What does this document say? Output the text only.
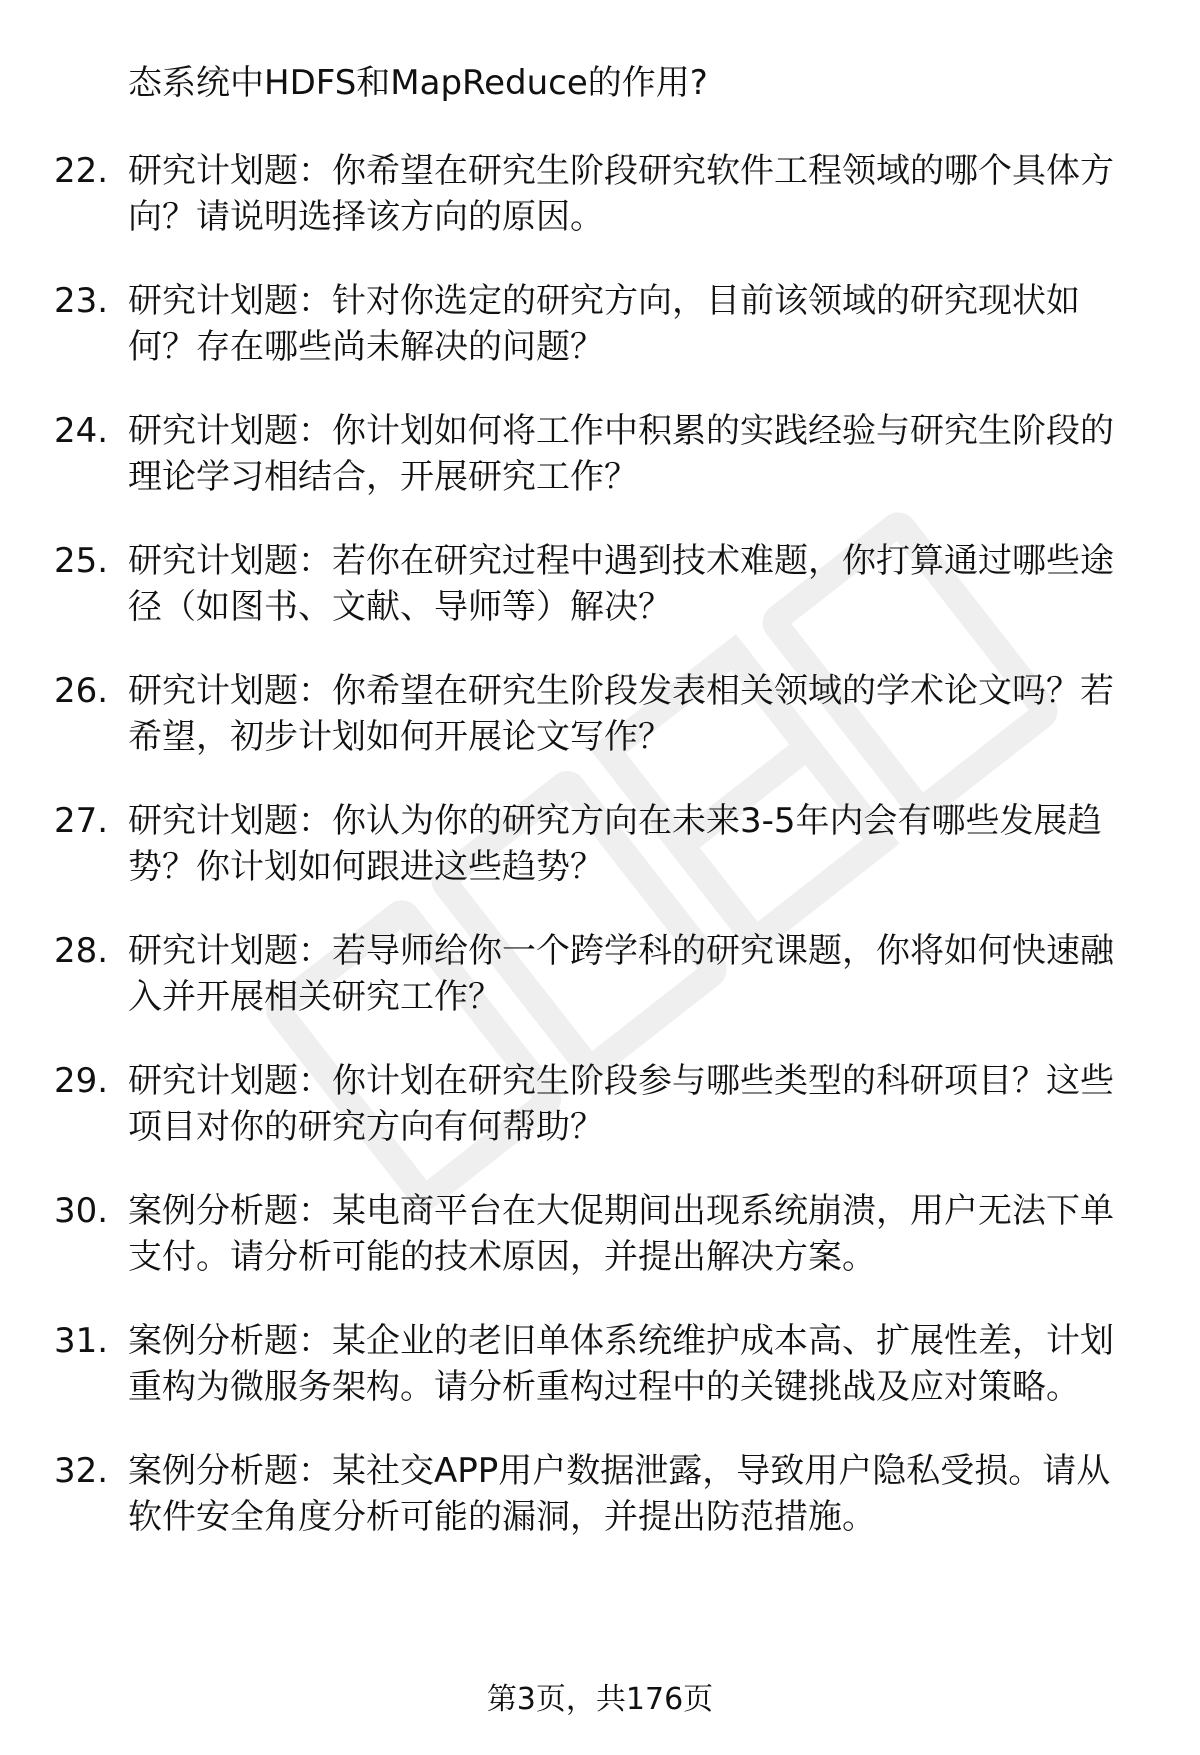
态系统中HDFS和MapReduce的作用?

22. 研究计划题：你希望在研究生阶段研究软件工程领域的哪个具体方向？请说明选择该方向的原因。
23. 研究计划题：针对你选定的研究方向，目前该领域的研究现状如何？存在哪些尚未解决的问题？
24. 研究计划题：你计划如何将工作中积累的实践经验与研究生阶段的理论学习相结合，开展研究工作？
25. 研究计划题：若你在研究过程中遇到技术难题，你打算通过哪些途径（如图书、文献、导师等）解决？
26. 研究计划题：你希望在研究生阶段发表相关领域的学术论文吗？若希望，初步计划如何开展论文写作？
27. 研究计划题：你认为你的研究方向在未来3-5年内会有哪些发展趋势？你计划如何跟进这些趋势？
28. 研究计划题：若导师给你一个跨学科的研究课题，你将如何快速融入并开展相关研究工作？
29. 研究计划题：你计划在研究生阶段参与哪些类型的科研项目？这些项目对你的研究方向有何帮助？
30. 案例分析题：某电商平台在大促期间出现系统崩溃，用户无法下单支付。请分析可能的技术原因，并提出解决方案。
31. 案例分析题：某企业的老旧单体系统维护成本高、扩展性差，计划重构为微服务架构。请分析重构过程中的关键挑战及应对策略。
32. 案例分析题：某社交APP用户数据泄露，导致用户隐私受损。请从软件安全角度分析可能的漏洞，并提出防范措施。
第3页，共176页
